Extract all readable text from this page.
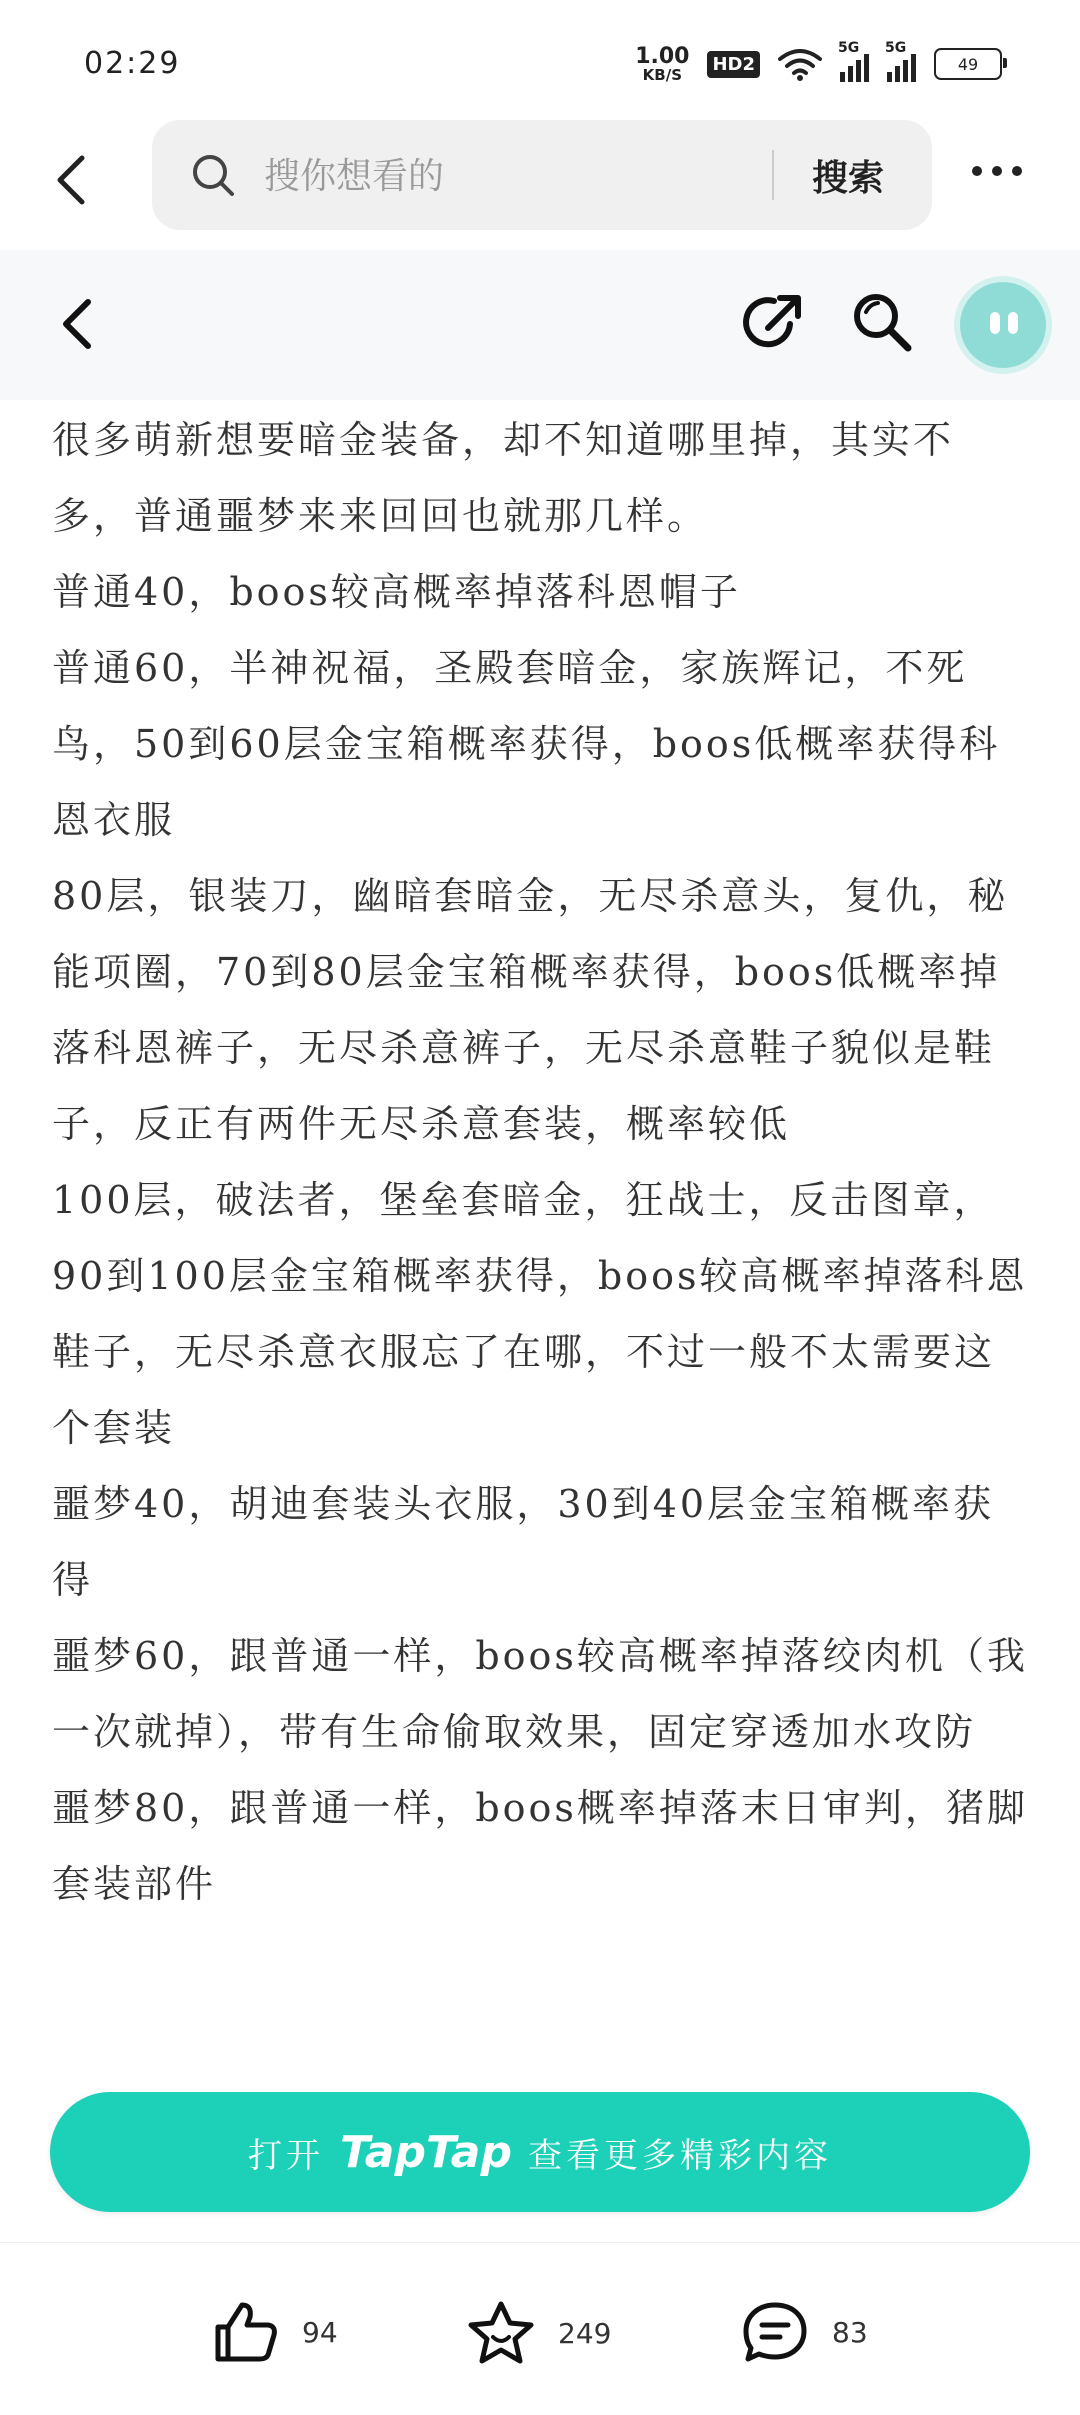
02:29	1.00
KB/S HD2
5G 5G
49
搜你想看的
搜索

很多萌新想要暗金装备，却不知道哪里掉，其实不多，普通噩梦来来回回也就那几样。

普通40，boos较高概率掉落科恩帽子

普通60，半神祝福，圣殿套暗金，家族辉记，不死鸟，50到60层金宝箱概率获得，boos低概率获得科恩衣服

80层，银装刀，幽暗套暗金，无尽杀意头，复仇，秘能项圈，70到80层金宝箱概率获得，boos低概率掉落科恩裤子，无尽杀意裤子，无尽杀意鞋子貌似是鞋子，反正有两件无尽杀意套装，概率较低

100层，破法者，堡垒套暗金，狂战士，反击图章，90到100层金宝箱概率获得，boos较高概率掉落科恩鞋子，无尽杀意衣服忘了在哪，不过一般不太需要这个套装

噩梦40，胡迪套装头衣服，30到40层金宝箱概率获得

噩梦60，跟普通一样，boos较高概率掉落绞肉机（我一次就掉），带有生命偷取效果，固定穿透加水攻防

噩梦80，跟普通一样，boos概率掉落末日审判，猪脚套装部件

打开 TapTap 查看更多精彩内容
94	249	83
